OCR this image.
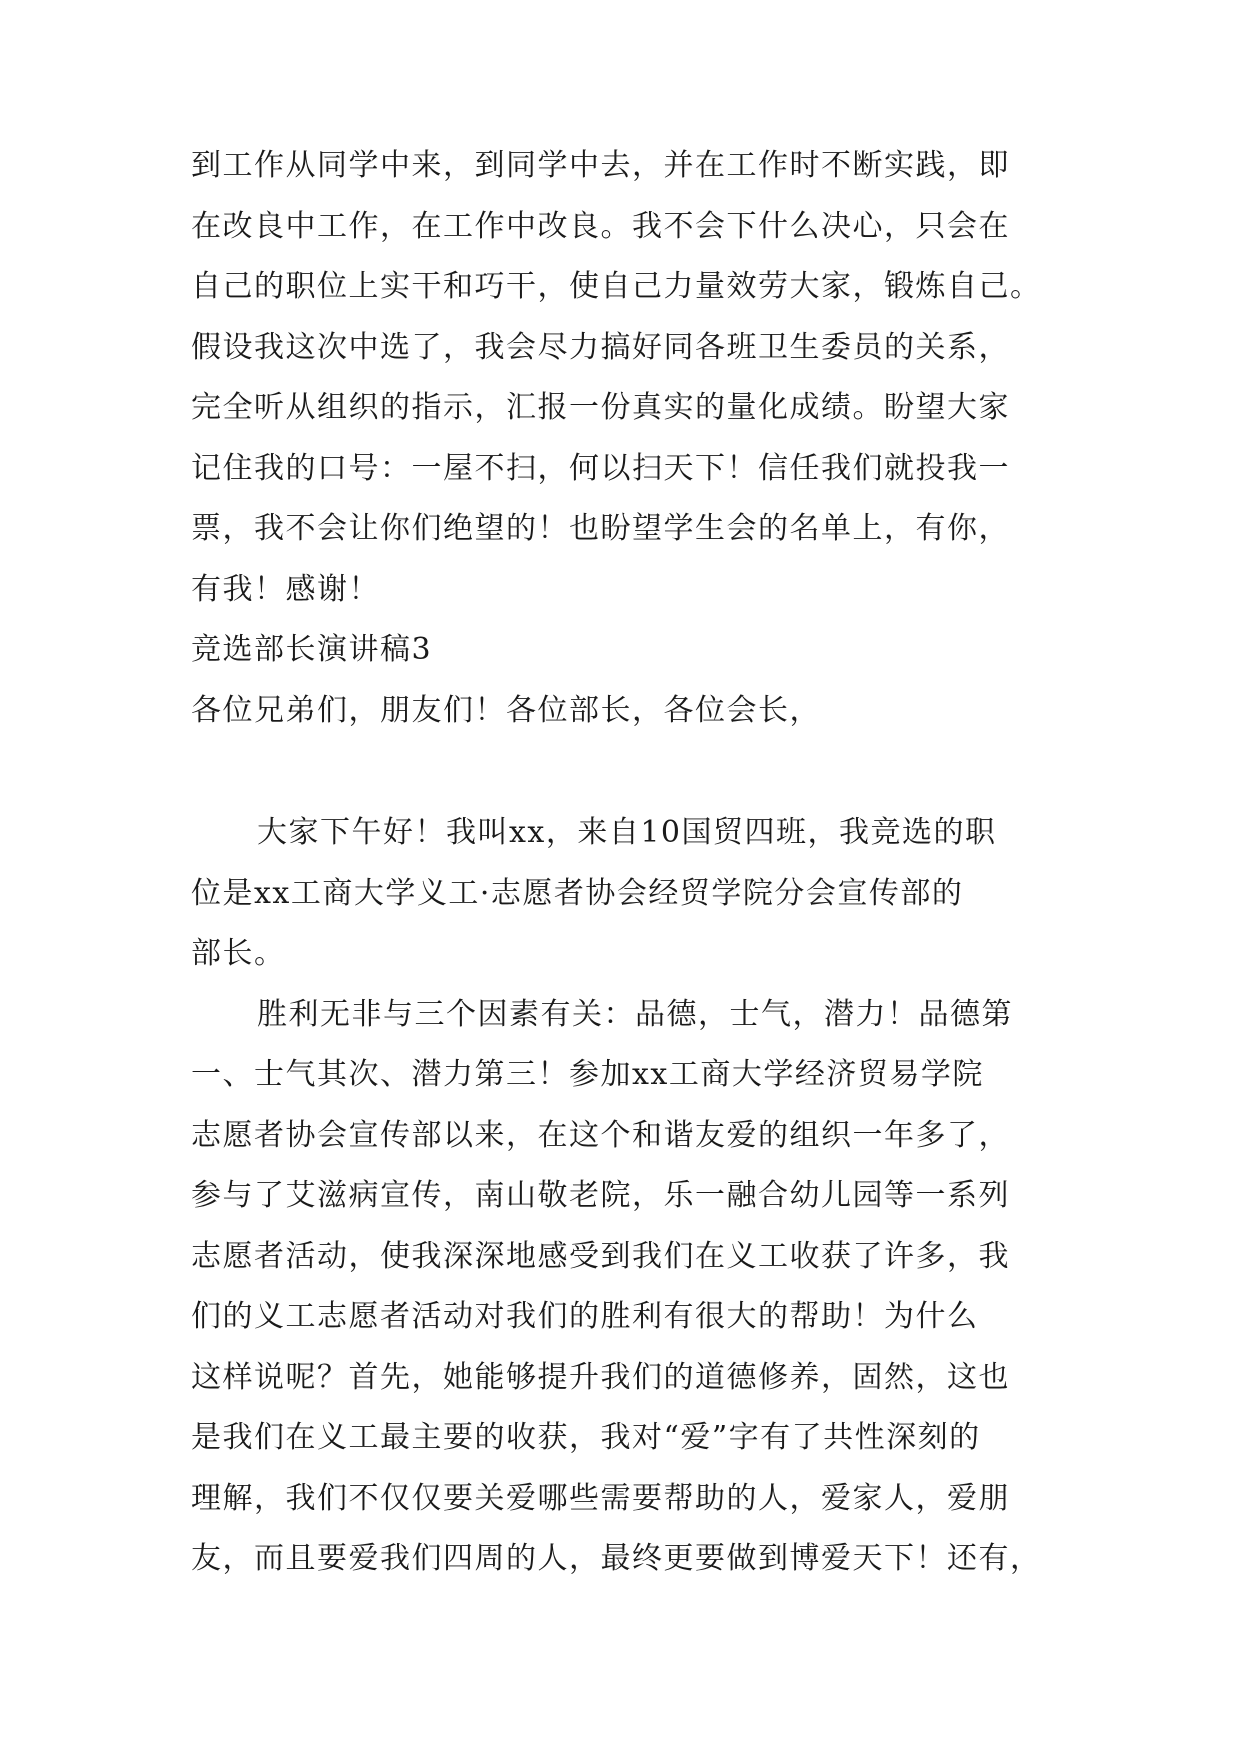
到工作从同学中来，到同学中去，并在工作时不断实践，即
在改良中工作，在工作中改良。我不会下什么决心，只会在
自己的职位上实干和巧干，使自己力量效劳大家，锻炼自己。
假设我这次中选了，我会尽力搞好同各班卫生委员的关系，
完全听从组织的指示，汇报一份真实的量化成绩。盼望大家
记住我的口号：一屋不扫，何以扫天下！信任我们就投我一
票，我不会让你们绝望的！也盼望学生会的名单上，有你，
有我！感谢！
竞选部长演讲稿3
各位兄弟们，朋友们！各位部长，各位会长，
大家下午好！我叫xx，来自10国贸四班，我竞选的职
位是xx工商大学义工·志愿者协会经贸学院分会宣传部的
部长。
胜利无非与三个因素有关：品德，士气，潜力！品德第
一、士气其次、潜力第三！参加xx工商大学经济贸易学院
志愿者协会宣传部以来，在这个和谐友爱的组织一年多了，
参与了艾滋病宣传，南山敬老院，乐一融合幼儿园等一系列
志愿者活动，使我深深地感受到我们在义工收获了许多，我
们的义工志愿者活动对我们的胜利有很大的帮助！为什么
这样说呢？首先，她能够提升我们的道德修养，固然，这也
是我们在义工最主要的收获，我对“爱”字有了共性深刻的
理解，我们不仅仅要关爱哪些需要帮助的人，爱家人，爱朋
友，而且要爱我们四周的人，最终更要做到博爱天下！还有，
